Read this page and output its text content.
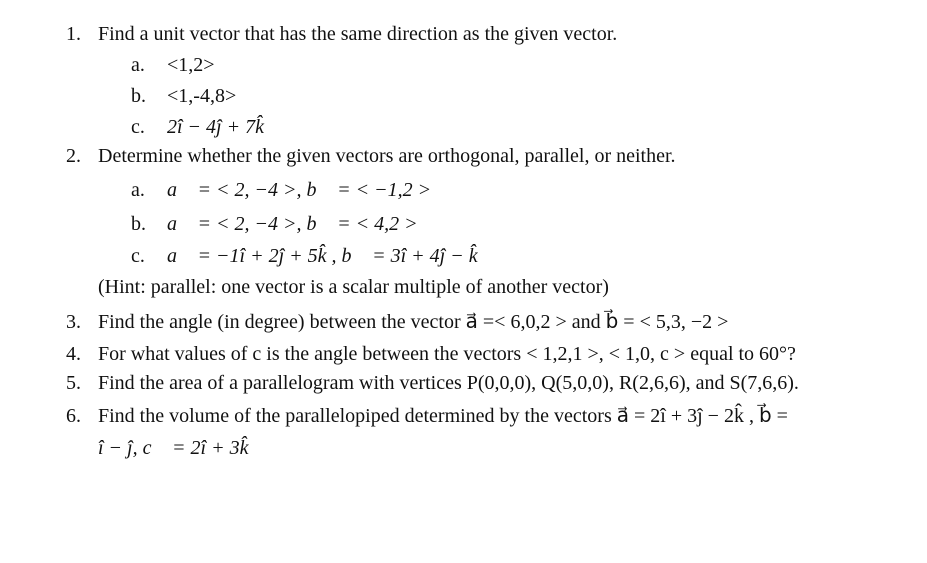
1. Find a unit vector that has the same direction as the given vector.
a. <1,2>
b. <1,-4,8>
c. 2î − 4ĵ + 7k̂
2. Determine whether the given vectors are orthogonal, parallel, or neither.
a. a⃗ = < 2, −4 >, b⃗ = < −1,2 >
b. a⃗ = < 2, −4 >, b⃗ = < 4,2 >
c. a⃗ = −1î + 2ĵ + 5k̂ , b⃗ = 3î + 4ĵ − k̂
(Hint: parallel: one vector is a scalar multiple of another vector)
3. Find the angle (in degree) between the vector a⃗ =< 6,0,2 > and b⃗ = < 5,3, −2 >
4. For what values of c is the angle between the vectors < 1,2,1 >, < 1,0, c > equal to 60°?
5. Find the area of a parallelogram with vertices P(0,0,0), Q(5,0,0), R(2,6,6), and S(7,6,6).
6. Find the volume of the parallelopiped determined by the vectors a⃗ = 2î + 3ĵ − 2k̂ , b⃗ =
î − ĵ, c⃗ = 2î + 3k̂
